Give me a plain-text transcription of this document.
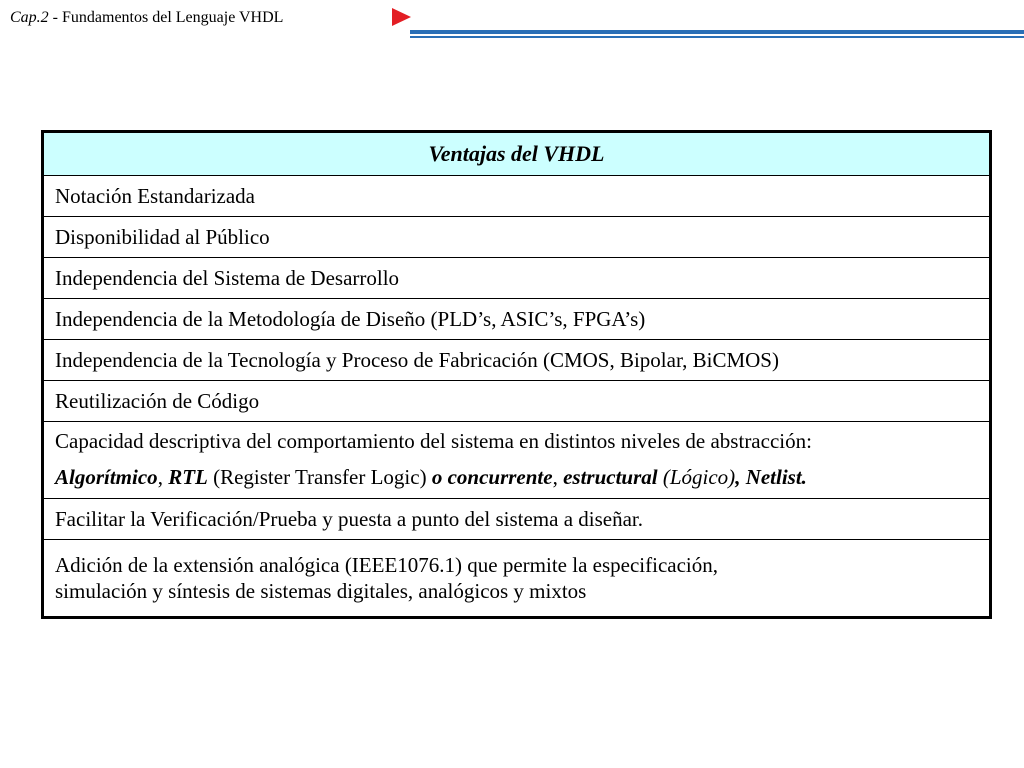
Cap.2 - Fundamentos del Lenguaje VHDL
Ventajas del VHDL
Notación Estandarizada
Disponibilidad al Público
Independencia del Sistema de Desarrollo
Independencia de la Metodología de Diseño (PLD’s, ASIC’s, FPGA’s)
Independencia de la Tecnología y Proceso de Fabricación (CMOS, Bipolar, BiCMOS)
Reutilización de Código
Capacidad descriptiva del comportamiento del sistema en distintos niveles de abstracción:
Algorítmico, RTL (Register Transfer Logic) o concurrente, estructural (Lógico), Netlist.

Facilitar la Verificación/Prueba y puesta a punto del sistema a diseñar.
Adición de la extensión analógica (IEEE1076.1) que permite la especificación,
simulación y síntesis de sistemas digitales, analógicos y mixtos
